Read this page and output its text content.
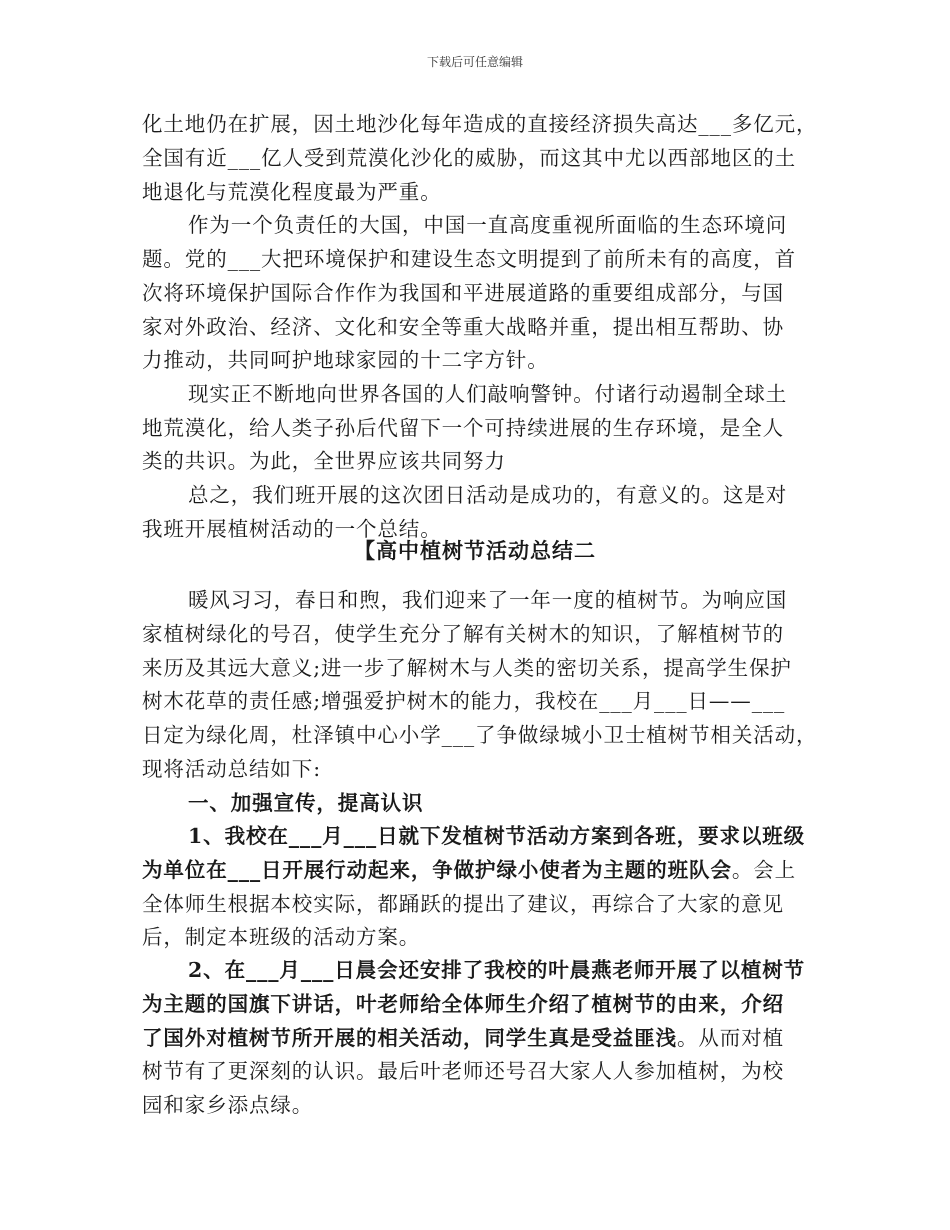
下载后可任意编辑
化土地仍在扩展，因土地沙化每年造成的直接经济损失高达___多亿元，
全国有近___亿人受到荒漠化沙化的威胁，而这其中尤以西部地区的土
地退化与荒漠化程度最为严重。
作为一个负责任的大国，中国一直高度重视所面临的生态环境问
题。党的___大把环境保护和建设生态文明提到了前所未有的高度，首
次将环境保护国际合作作为我国和平进展道路的重要组成部分，与国
家对外政治、经济、文化和安全等重大战略并重，提出相互帮助、协
力推动，共同呵护地球家园的十二字方针。
现实正不断地向世界各国的人们敲响警钟。付诸行动遏制全球土
地荒漠化，给人类子孙后代留下一个可持续进展的生存环境，是全人
类的共识。为此，全世界应该共同努力
总之，我们班开展的这次团日活动是成功的，有意义的。这是对
我班开展植树活动的一个总结。
【高中植树节活动总结二
暖风习习，春日和煦，我们迎来了一年一度的植树节。为响应国
家植树绿化的号召，使学生充分了解有关树木的知识，了解植树节的
来历及其远大意义;进一步了解树木与人类的密切关系，提高学生保护
树木花草的责任感;增强爱护树木的能力，我校在___月___日——___
日定为绿化周，杜泽镇中心小学___了争做绿城小卫士植树节相关活动，
现将活动总结如下:
一、加强宣传，提高认识
1、我校在___月___日就下发植树节活动方案到各班，要求以班级
为单位在___日开展行动起来，争做护绿小使者为主题的班队会。会上
全体师生根据本校实际，都踊跃的提出了建议，再综合了大家的意见
后，制定本班级的活动方案。
2、在___月___日晨会还安排了我校的叶晨燕老师开展了以植树节
为主题的国旗下讲话，叶老师给全体师生介绍了植树节的由来，介绍
了国外对植树节所开展的相关活动，同学生真是受益匪浅。从而对植
树节有了更深刻的认识。最后叶老师还号召大家人人参加植树，为校
园和家乡添点绿。
